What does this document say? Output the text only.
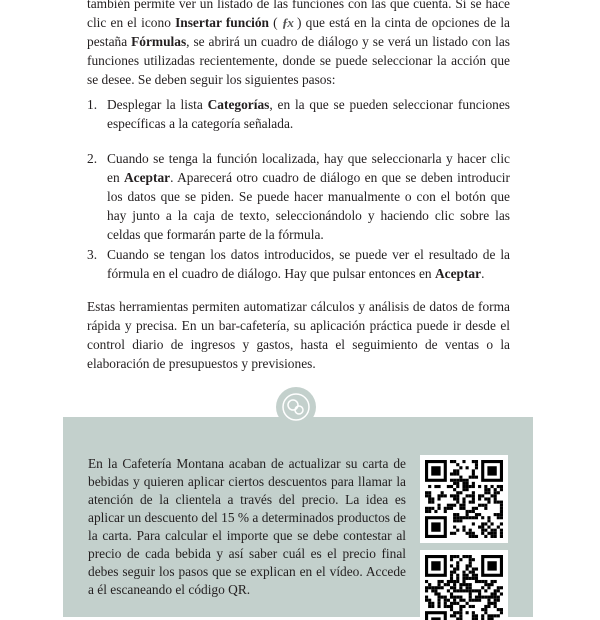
también permite ver un listado de las funciones con las que cuenta. Si se hace clic en el icono Insertar función ( ƒx ) que está en la cinta de opciones de la pestaña Fórmulas, se abrirá un cuadro de diálogo y se verá un listado con las funciones utilizadas recientemente, donde se puede seleccionar la acción que se desee. Se deben seguir los siguientes pasos:

1. Desplegar la lista Categorías, en la que se pueden seleccionar funciones específicas a la categoría señalada.
2. Cuando se tenga la función localizada, hay que seleccionarla y hacer clic en Aceptar. Aparecerá otro cuadro de diálogo en que se deben introducir los datos que se piden. Se puede hacer manualmente o con el botón que hay junto a la caja de texto, seleccionándolo y haciendo clic sobre las celdas que formarán parte de la fórmula.
3. Cuando se tengan los datos introducidos, se puede ver el resultado de la fórmula en el cuadro de diálogo. Hay que pulsar entonces en Aceptar.

Estas herramientas permiten automatizar cálculos y análisis de datos de forma rápida y precisa. En un bar-cafetería, su aplicación práctica puede ir desde el control diario de ingresos y gastos, hasta el seguimiento de ventas o la elaboración de presupuestos y previsiones.

En la Cafetería Montana acaban de actualizar su carta de bebidas y quieren aplicar ciertos descuentos para llamar la atención de la clientela a través del precio. La idea es aplicar un descuento del 15 % a determinados productos de la carta. Para calcular el importe que se debe contestar al precio de cada bebida y así saber cuál es el precio final debes seguir los pasos que se explican en el vídeo. Accede a él escaneando el código QR.
